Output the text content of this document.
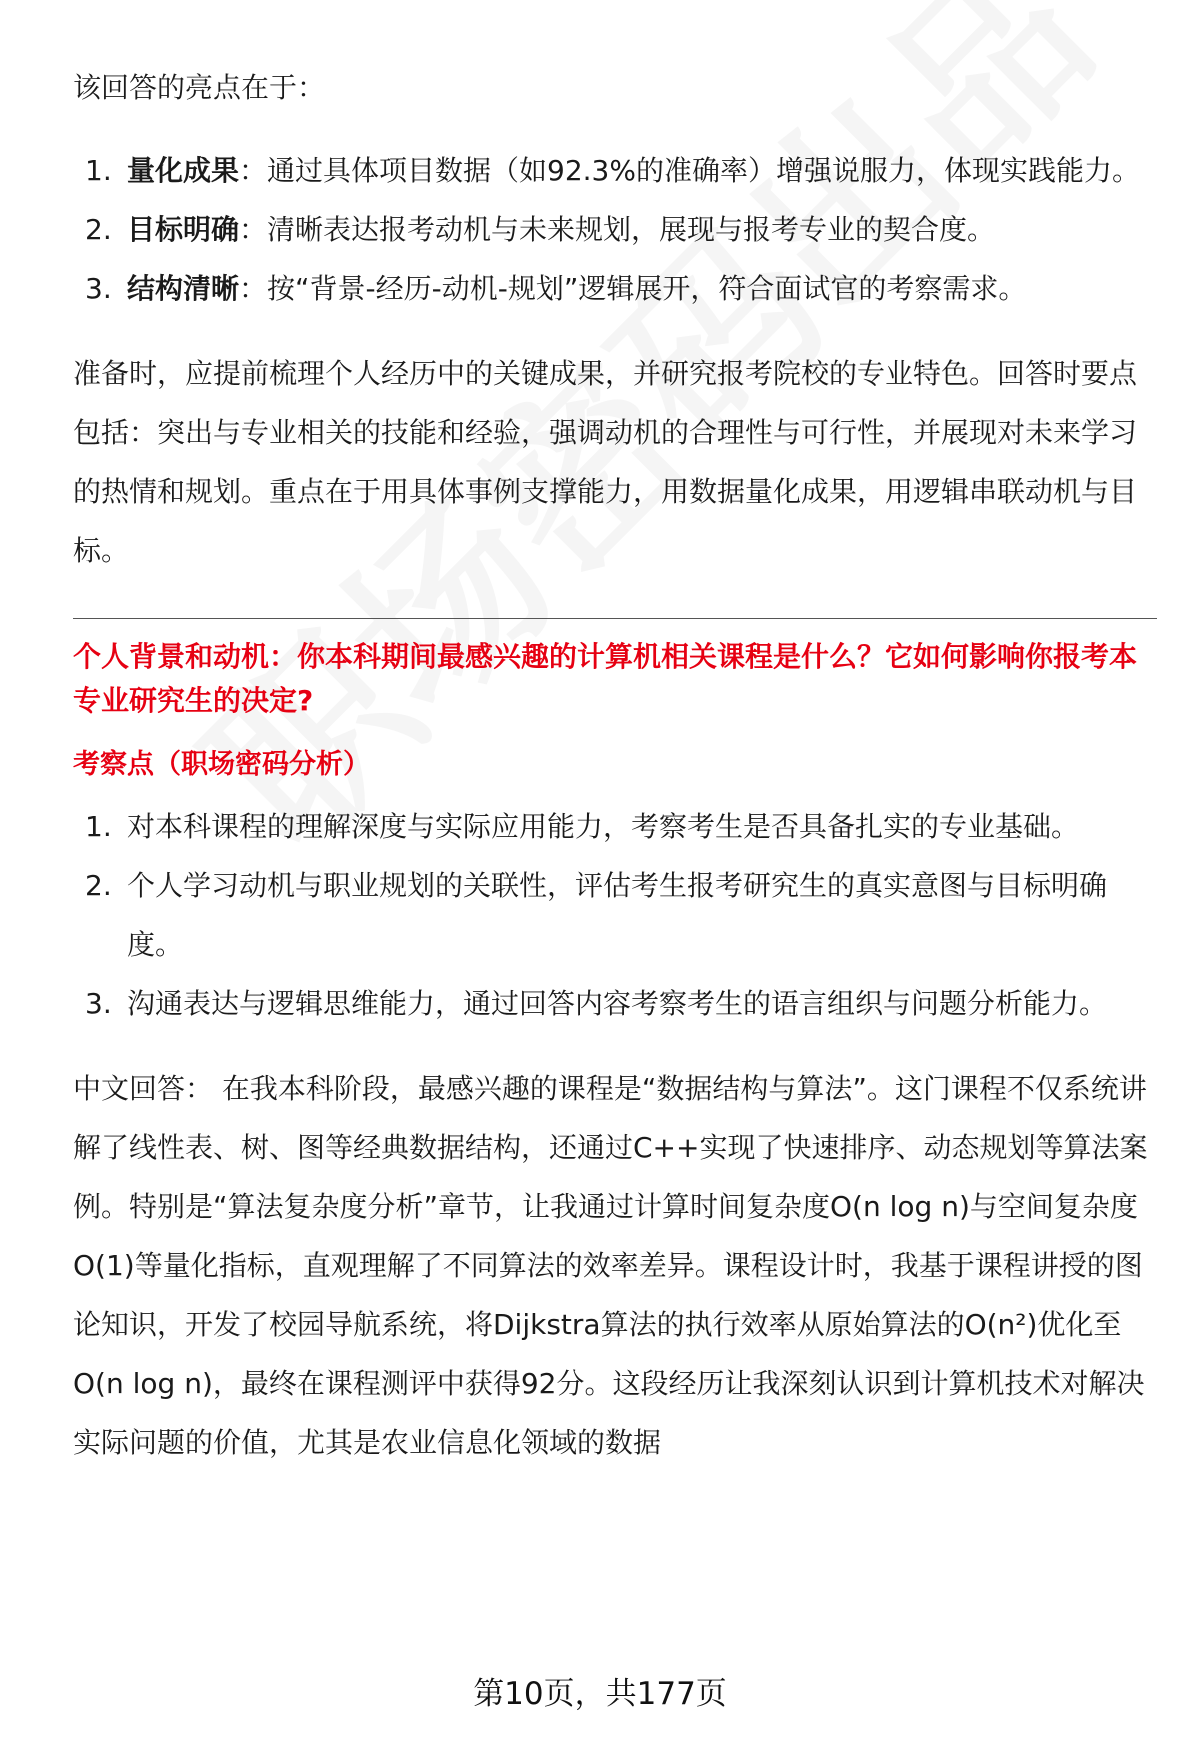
该回答的亮点在于：

1. 量化成果：通过具体项目数据（如92.3%的准确率）增强说服力，体现实践能力。
2. 目标明确：清晰表达报考动机与未来规划，展现与报考专业的契合度。
3. 结构清晰：按“背景-经历-动机-规划”逻辑展开，符合面试官的考察需求。

准备时，应提前梳理个人经历中的关键成果，并研究报考院校的专业特色。回答时要点包括：突出与专业相关的技能和经验，强调动机的合理性与可行性，并展现对未来学习的热情和规划。重点在于用具体事例支撑能力，用数据量化成果，用逻辑串联动机与目标。

个人背景和动机：你本科期间最感兴趣的计算机相关课程是什么？它如何影响你报考本专业研究生的决定?

考察点（职场密码分析）

1. 对本科课程的理解深度与实际应用能力，考察考生是否具备扎实的专业基础。
2. 个人学习动机与职业规划的关联性，评估考生报考研究生的真实意图与目标明确度。
3. 沟通表达与逻辑思维能力，通过回答内容考察考生的语言组织与问题分析能力。

中文回答： 在我本科阶段，最感兴趣的课程是“数据结构与算法”。这门课程不仅系统讲解了线性表、树、图等经典数据结构，还通过C++实现了快速排序、动态规划等算法案例。特别是“算法复杂度分析”章节，让我通过计算时间复杂度O(n log n)与空间复杂度O(1)等量化指标，直观理解了不同算法的效率差异。课程设计时，我基于课程讲授的图论知识，开发了校园导航系统，将Dijkstra算法的执行效率从原始算法的O(n²)优化至O(n log n)，最终在课程测评中获得92分。这段经历让我深刻认识到计算机技术对解决实际问题的价值，尤其是农业信息化领域的数据

第10页，共177页
